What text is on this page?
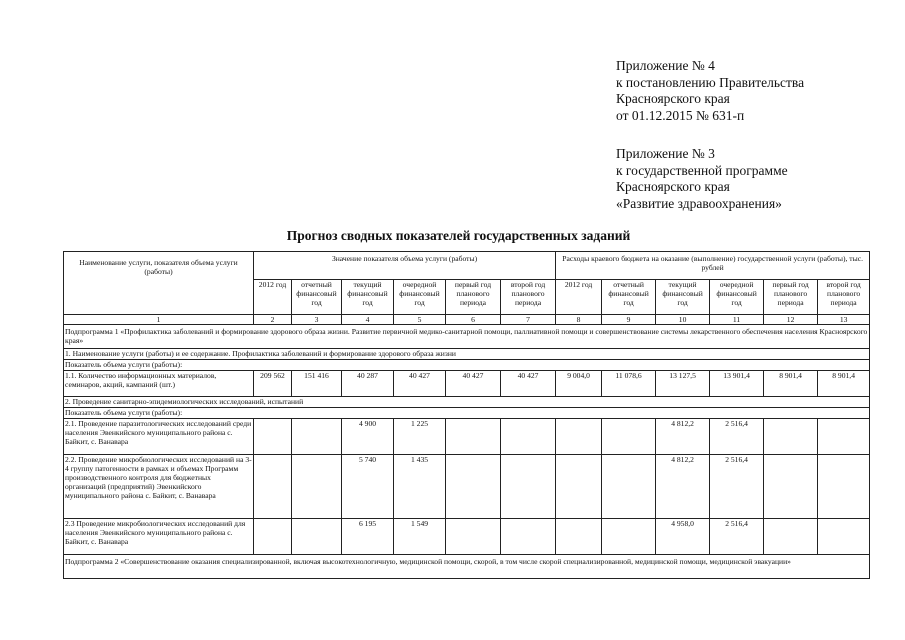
Приложение № 4
к постановлению Правительства
Красноярского края
от 01.12.2015 № 631-п
Приложение № 3
к государственной программе
Красноярского края
«Развитие здравоохранения»
Прогноз сводных показателей государственных заданий
Наименование услуги, показателя объема услуги (работы)	Значение показателя объема услуги (работы)						Расходы краевого бюджета на оказание (выполнение) государственной услуги (работы), тыс. рублей					
	2012 год	отчетный финансовый год	текущий финансовый год	очередной финансовый год	первый год планового периода	второй год планового периода	2012 год	отчетный финансовый год	текущий финансовый год	очередной финансовый год	первый год планового периода	второй год планового периода
1	2	3	4	5	6	7	8	9	10	11	12	13
Подпрограмма 1 «Профилактика заболеваний и формирование здорового образа жизни. Развитие первичной медико-санитарной помощи, паллиативной помощи и совершенствование системы лекарственного обеспечения населения Красноярского края»												
1. Наименование услуги (работы) и ее содержание. Профилактика заболеваний и формирование здорового образа жизни												
Показатель объема услуги (работы):												
1.1. Количество информационных материалов, семинаров, акций, кампаний (шт.)	209 562	151 416	40 287	40 427	40 427	40 427	9 004,0	11 078,6	13 127,5	13 901,4	8 901,4	8 901,4
2. Проведение санитарно-эпидемиологических исследований, испытаний												
Показатель объема услуги (работы):												
2.1. Проведение паразитологических исследований среди населения Эвенкийского муниципального района с. Байкит, с. Ванавара			4 900	1 225					4 812,2	2 516,4		
2.2. Проведение микробиологических исследований на 3-4 группу патогенности в рамках и объемах Программ производственного контроля для бюджетных организаций (предприятий) Эвенкийского муниципального района с. Байкит, с. Ванавара			5 740	1 435					4 812,2	2 516,4		
2.3 Проведение микробиологических исследований для населения Эвенкийского муниципального района с. Байкит, с. Ванавара			6 195	1 549					4 958,0	2 516,4		
Подпрограмма 2 «Совершенствование оказания специализированной, включая высокотехнологичную, медицинской помощи, скорой, в том числе скорой специализированной, медицинской помощи, медицинской эвакуации»												
